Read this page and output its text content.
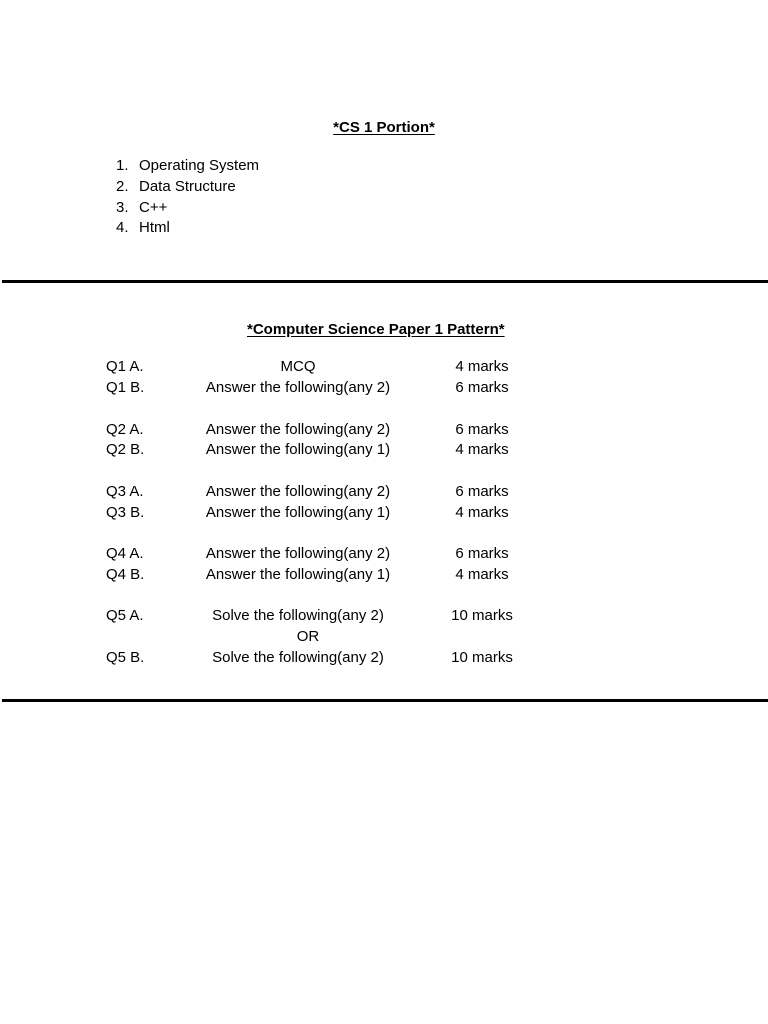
*CS 1 Portion*
1. Operating System
2. Data Structure
3. C++
4. Html
*Computer Science Paper 1 Pattern*
Q1 A.	MCQ	4 marks
Q1 B.	Answer the following(any 2)	6 marks
Q2 A.	Answer the following(any 2)	6 marks
Q2 B.	Answer the following(any 1)	4 marks
Q3 A.	Answer the following(any 2)	6 marks
Q3 B.	Answer the following(any 1)	4 marks
Q4 A.	Answer the following(any 2)	6 marks
Q4 B.	Answer the following(any 1)	4 marks
Q5 A.	Solve the following(any 2)	10 marks
OR
Q5 B.	Solve the following(any 2)	10 marks
